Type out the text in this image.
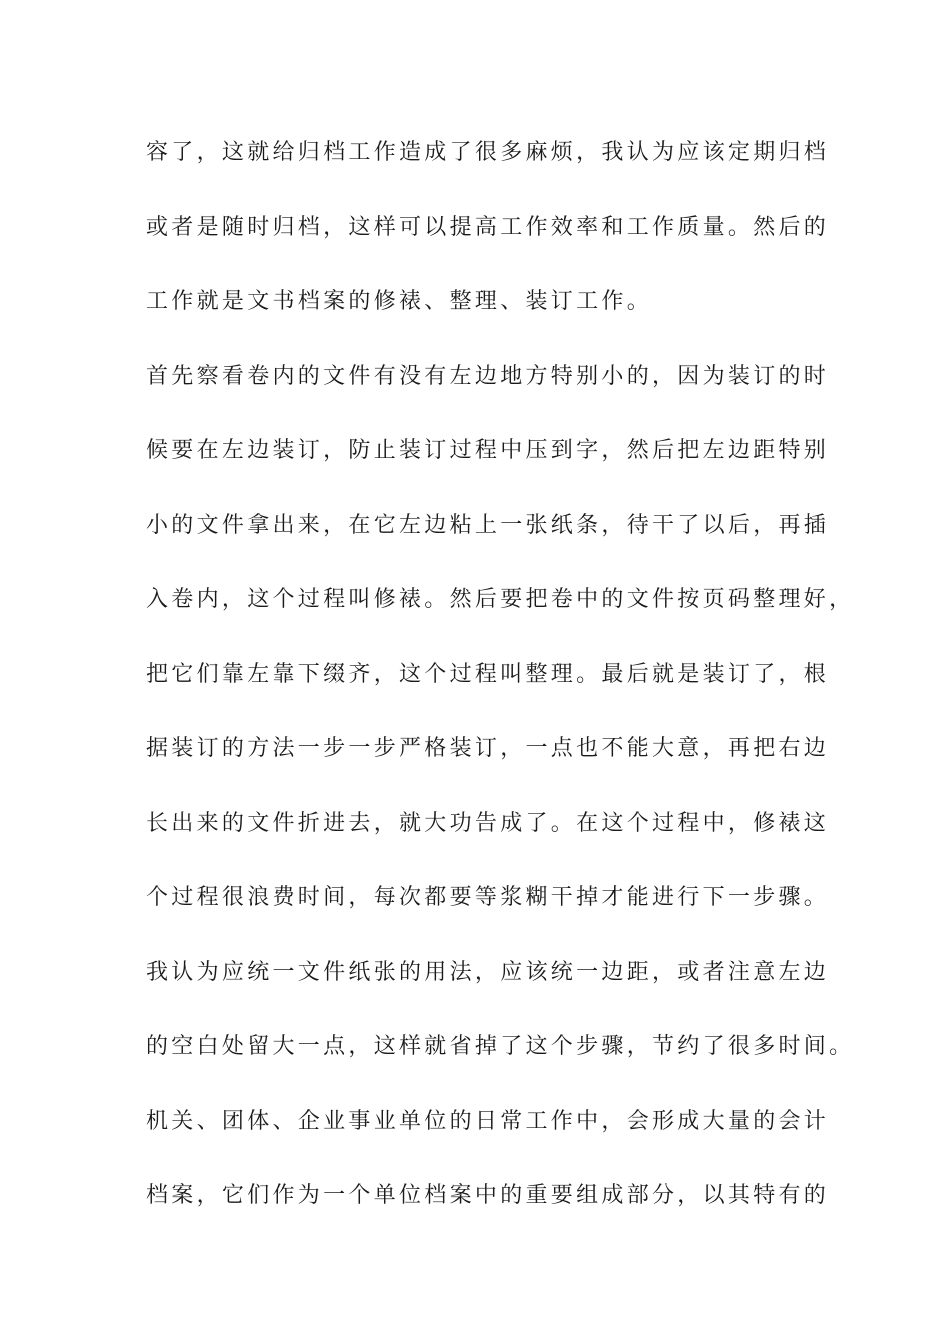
容了，这就给归档工作造成了很多麻烦，我认为应该定期归档
或者是随时归档，这样可以提高工作效率和工作质量。然后的
工作就是文书档案的修裱、整理、装订工作。
首先察看卷内的文件有没有左边地方特别小的，因为装订的时
候要在左边装订，防止装订过程中压到字，然后把左边距特别
小的文件拿出来，在它左边粘上一张纸条，待干了以后，再插
入卷内，这个过程叫修裱。然后要把卷中的文件按页码整理好，
把它们靠左靠下缀齐，这个过程叫整理。最后就是装订了，根
据装订的方法一步一步严格装订，一点也不能大意，再把右边
长出来的文件折进去，就大功告成了。在这个过程中，修裱这
个过程很浪费时间，每次都要等浆糊干掉才能进行下一步骤。
我认为应统一文件纸张的用法，应该统一边距，或者注意左边
的空白处留大一点，这样就省掉了这个步骤，节约了很多时间。
机关、团体、企业事业单位的日常工作中，会形成大量的会计
档案，它们作为一个单位档案中的重要组成部分，以其特有的
